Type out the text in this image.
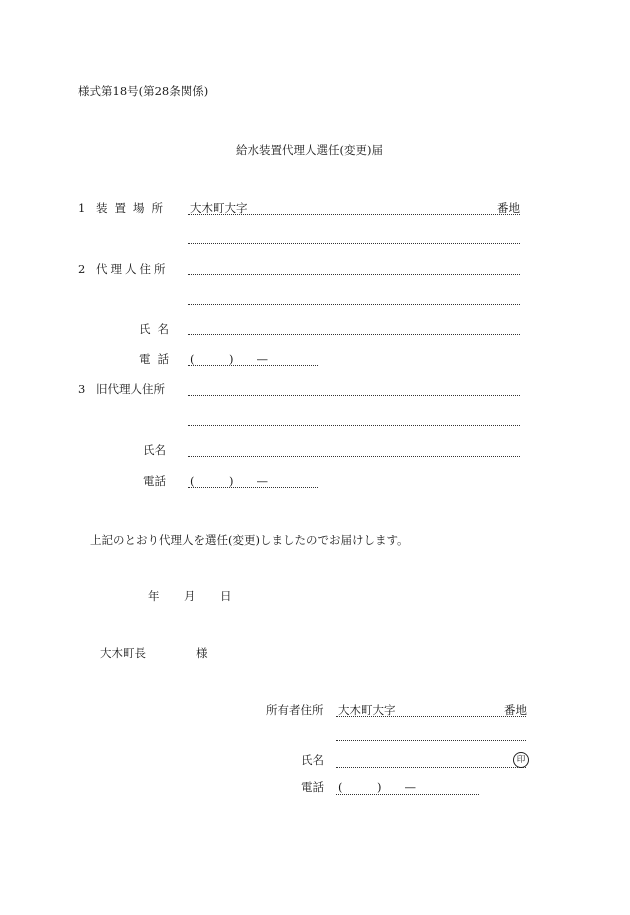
様式第18号(第28条関係)
給水装置代理人選任(変更)届
1 装置場所 大木町大字	番地
2 代理人住所
氏名
電話 (　　　)　　—
3 旧代理人住所
氏名
電話 (　　　)　　—
上記のとおり代理人を選任(変更)しましたのでお届けします。
年 月 日
大木町長	様
所有者住所 大木町大字	番地
氏名	印
電話 (　　　)　　—
